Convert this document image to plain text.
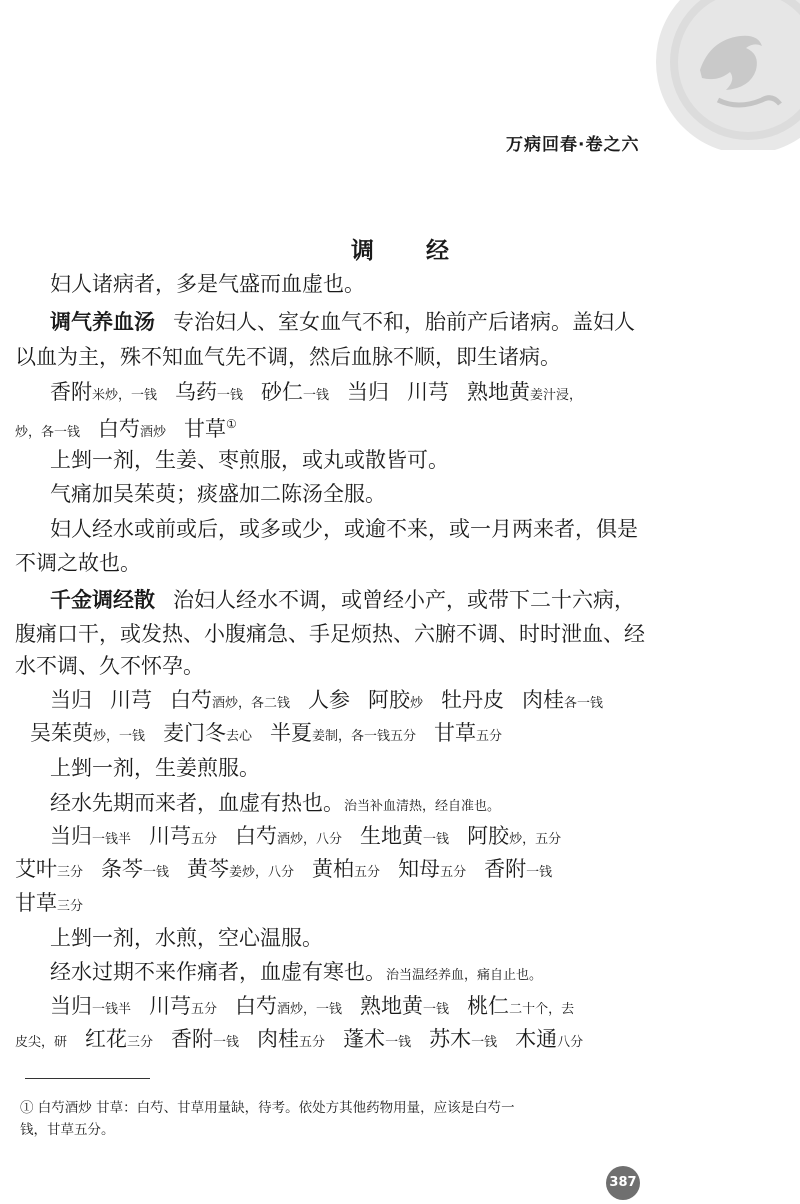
万病回春·卷之六
调 经
妇人诸病者，多是气盛而血虚也。
调气养血汤 专治妇人、室女血气不和，胎前产后诸病。盖妇人
以血为主，殊不知血气先不调，然后血脉不顺，即生诸病。
香附米炒，一钱 乌药一钱 砂仁一钱 当归 川芎 熟地黄姜汁浸，
炒，各一钱 白芍酒炒 甘草①
上剉一剂，生姜、枣煎服，或丸或散皆可。
气痛加吴茱萸；痰盛加二陈汤全服。
妇人经水或前或后，或多或少，或逾不来，或一月两来者，俱是
不调之故也。
千金调经散 治妇人经水不调，或曾经小产，或带下二十六病，
腹痛口干，或发热、小腹痛急、手足烦热、六腑不调、时时泄血、经
水不调、久不怀孕。
当归 川芎 白芍酒炒，各二钱 人参 阿胶炒 牡丹皮 肉桂各一钱
吴茱萸炒，一钱 麦门冬去心 半夏姜制，各一钱五分 甘草五分
上剉一剂，生姜煎服。
经水先期而来者，血虚有热也。治当补血清热，经自准也。
当归一钱半 川芎五分 白芍酒炒，八分 生地黄一钱 阿胶炒，五分
艾叶三分 条芩一钱 黄芩姜炒，八分 黄柏五分 知母五分 香附一钱
甘草三分
上剉一剂，水煎，空心温服。
经水过期不来作痛者，血虚有寒也。治当温经养血，痛自止也。
当归一钱半 川芎五分 白芍酒炒，一钱 熟地黄一钱 桃仁二十个，去
皮尖，研 红花三分 香附一钱 肉桂五分 蓬术一钱 苏木一钱 木通八分
① 白芍酒炒 甘草：白芍、甘草用量缺，待考。依处方其他药物用量，应该是白芍一
钱，甘草五分。
387
